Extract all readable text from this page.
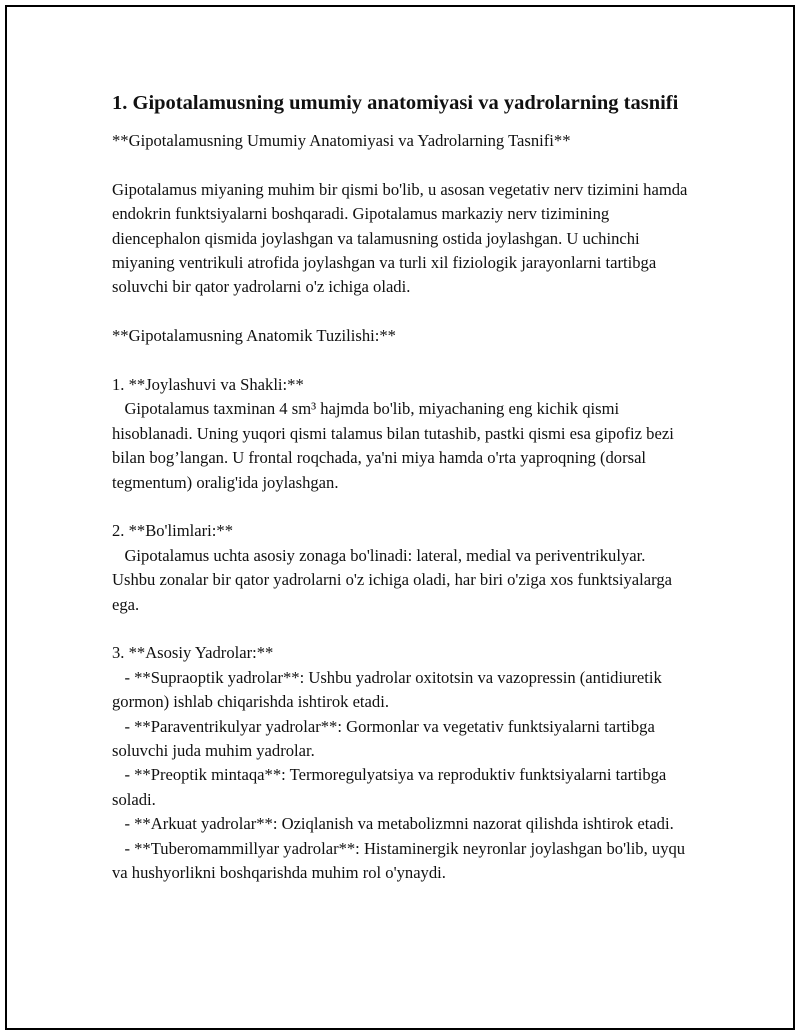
1. Gipotalamusning umumiy anatomiyasi va yadrolarning tasnifi

**Gipotalamusning Umumiy Anatomiyasi va Yadrolarning Tasnifi**

Gipotalamus miyaning muhim bir qismi bo'lib, u asosan vegetativ nerv tizimini hamda endokrin funktsiyalarni boshqaradi. Gipotalamus markaziy nerv tizimining diencephalon qismida joylashgan va talamusning ostida joylashgan. U uchinchi miyaning ventrikuli atrofida joylashgan va turli xil fiziologik jarayonlarni tartibga soluvchi bir qator yadrolarni o'z ichiga oladi.

**Gipotalamusning Anatomik Tuzilishi:**

1. **Joylashuvi va Shakli:**

Gipotalamus taxminan 4 sm³ hajmda bo'lib, miyachaning eng kichik qismi hisoblanadi. Uning yuqori qismi talamus bilan tutashib, pastki qismi esa gipofiz bezi bilan bog’langan. U frontal roqchada, ya'ni miya hamda o'rta yaproqning (dorsal tegmentum) oralig'ida joylashgan.

2. **Bo'limlari:**

Gipotalamus uchta asosiy zonaga bo'linadi: lateral, medial va periventrikulyar. Ushbu zonalar bir qator yadrolarni o'z ichiga oladi, har biri o'ziga xos funktsiyalarga ega.

3. **Asosiy Yadrolar:**

- **Supraoptik yadrolar**: Ushbu yadrolar oxitotsin va vazopressin (antidiuretik gormon) ishlab chiqarishda ishtirok etadi.

- **Paraventrikulyar yadrolar**: Gormonlar va vegetativ funktsiyalarni tartibga soluvchi juda muhim yadrolar.

- **Preoptik mintaqa**: Termoregulyatsiya va reproduktiv funktsiyalarni tartibga soladi.

- **Arkuat yadrolar**: Oziqlanish va metabolizmni nazorat qilishda ishtirok etadi.

- **Tuberomammillyar yadrolar**: Histaminergik neyronlar joylashgan bo'lib, uyqu va hushyorlikni boshqarishda muhim rol o'ynaydi.
